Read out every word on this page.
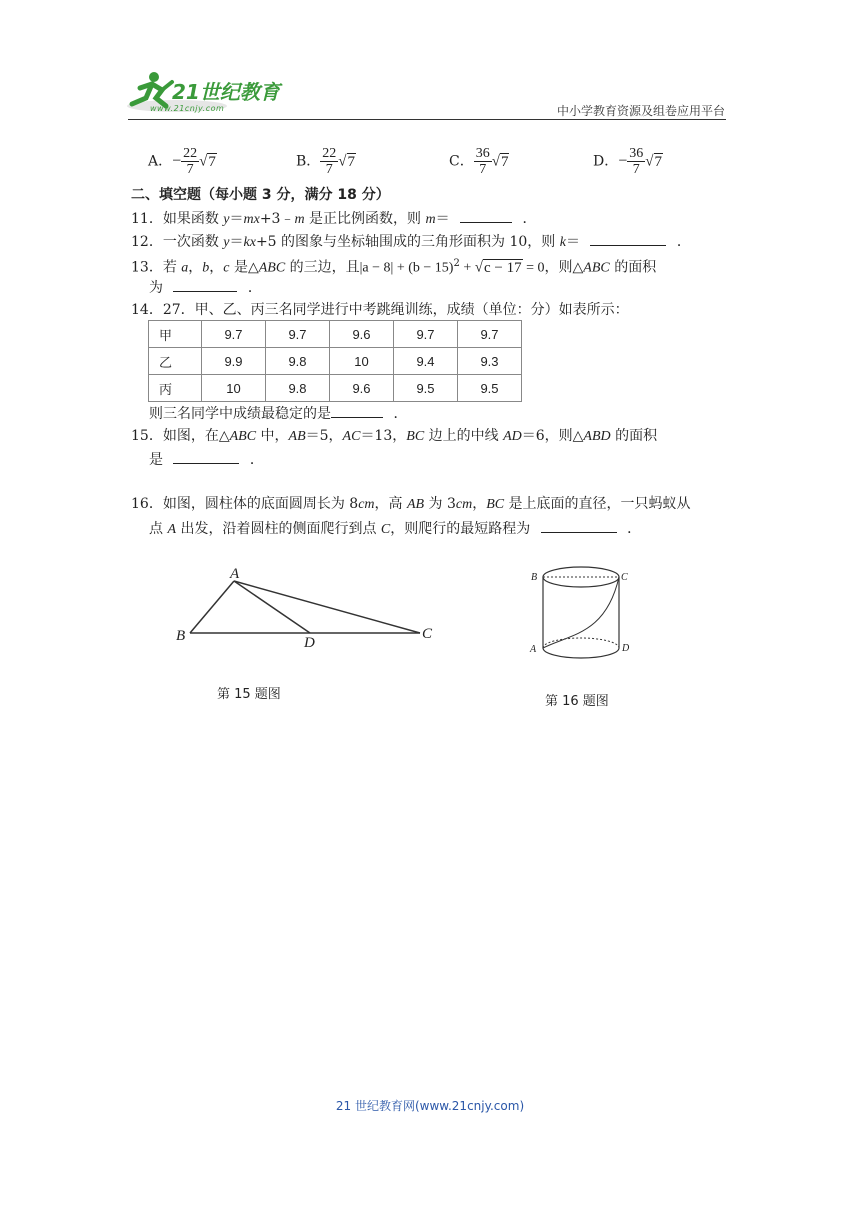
21世纪教育
www.21cnjy.com	中小学教育资源及组卷应用平台
A．− $\frac{22}{7} √7$	B． $\frac{22}{7} √7$	C． $\frac{36}{7} √7$	D．− $\frac{36}{7} √7$
二、填空题（每小题 3 分，满分 18 分）
11．如果函数 y＝mx+3﹣m 是正比例函数，则 m＝	．
12．一次函数 y＝kx+5 的图象与坐标轴围成的三角形面积为 10，则 k＝	．
13．若 a，b，c 是△ABC 的三边，且$|a - 8| + (b - 15)^2 + √c - 17 = 0$，则△ABC 的面积
为	．
14．27．甲、乙、丙三名同学进行中考跳绳训练，成绩（单位：分）如表所示：
甲	9.7	9.7	9.6	9.7	9.7
乙	9.9	9.8	10	9.4	9.3
丙	10	9.8	9.6	9.5	9.5
则三名同学中成绩最稳定的是	．
15．如图，在△ABC 中，AB＝5，AC＝13，BC 边上的中线 AD＝6，则△ABD 的面积
是	．
16．如图，圆柱体的底面圆周长为 8cm，高 AB 为 3cm，BC 是上底面的直径，一只蚂蚁从
点 A 出发，沿着圆柱的侧面爬行到点 C，则爬行的最短路程为	．
A
B	C
D
第 15 题图
B	C
A	D
第 16 题图
21 世纪教育网(www.21cnjy.com)
